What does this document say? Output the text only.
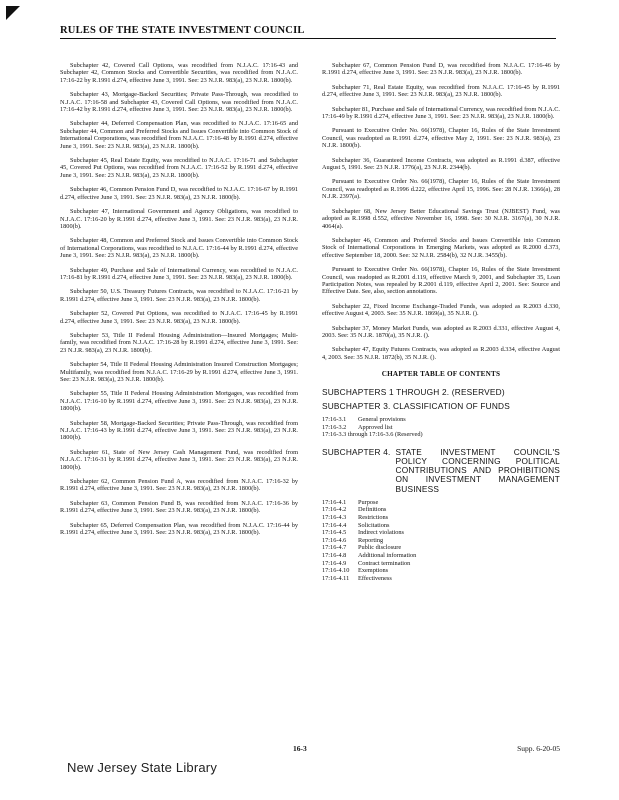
RULES OF THE STATE INVESTMENT COUNCIL

Subchapter 42, Covered Call Options, was recodified from N.J.A.C. 17:16-43 and Subchapter 42, Common Stocks and Convertible Securities, was recodified from N.J.A.C. 17:16-22 by R.1991 d.274, effective June 3, 1991. See: 23 N.J.R. 983(a), 23 N.J.R. 1800(b).

Subchapter 43, Mortgage-Backed Securities; Private Pass-Through, was recodified to N.J.A.C. 17:16-58 and Subchapter 43, Covered Call Options, was recodified from N.J.A.C. 17:16-42 by R.1991 d.274, effective June 3, 1991. See: 23 N.J.R. 983(a), 23 N.J.R. 1800(b).

Subchapter 44, Deferred Compensation Plan, was recodified to N.J.A.C. 17:16-65 and Subchapter 44, Common and Preferred Stocks and Issues Convertible into Common Stock of International Corporations, was recodified from N.J.A.C. 17:16-48 by R.1991 d.274, effective June 3, 1991. See: 23 N.J.R. 983(a), 23 N.J.R. 1800(b).

Subchapter 45, Real Estate Equity, was recodified to N.J.A.C. 17:16-71 and Subchapter 45, Covered Put Options, was recodified from N.J.A.C. 17:16-52 by R.1991 d.274, effective June 3, 1991. See: 23 N.J.R. 983(a), 23 N.J.R. 1800(b).

Subchapter 46, Common Pension Fund D, was recodified to N.J.A.C. 17:16-67 by R.1991 d.274, effective June 3, 1991. See: 23 N.J.R. 983(a), 23 N.J.R. 1800(b).

Subchapter 47, International Government and Agency Obligations, was recodified to N.J.A.C. 17:16-20 by R.1991 d.274, effective June 3, 1991. See: 23 N.J.R. 983(a), 23 N.J.R. 1800(b).

Subchapter 48, Common and Preferred Stock and Issues Convertible into Common Stock of International Corporations, was recodified to N.J.A.C. 17:16-44 by R.1991 d.274, effective June 3, 1991. See: 23 N.J.R. 983(a), 23 N.J.R. 1800(b).

Subchapter 49, Purchase and Sale of International Currency, was recodified to N.J.A.C. 17:16-81 by R.1991 d.274, effective June 3, 1991. See: 23 N.J.R. 983(a), 23 N.J.R. 1800(b).

Subchapter 50, U.S. Treasury Futures Contracts, was recodified to N.J.A.C. 17:16-21 by R.1991 d.274, effective June 3, 1991. See: 23 N.J.R. 983(a), 23 N.J.R. 1800(b).

Subchapter 52, Covered Put Options, was recodified to N.J.A.C. 17:16-45 by R.1991 d.274, effective June 3, 1991. See: 23 N.J.R. 983(a), 23 N.J.R. 1800(b).

Subchapter 53, Title II Federal Housing Administration—Insured Mortgages; Multi-family, was recodified from N.J.A.C. 17:16-28 by R.1991 d.274, effective June 3, 1991. See: 23 N.J.R. 983(a), 23 N.J.R. 1800(b).

Subchapter 54, Title II Federal Housing Administration Insured Construction Mortgages; Multifamily, was recodified from N.J.A.C. 17:16-29 by R.1991 d.274, effective June 3, 1991. See: 23 N.J.R. 983(a), 23 N.J.R. 1800(b).

Subchapter 55, Title II Federal Housing Administration Mortgages, was recodified from N.J.A.C. 17:16-10 by R.1991 d.274, effective June 3, 1991. See: 23 N.J.R. 983(a), 23 N.J.R. 1800(b).

Subchapter 58, Mortgage-Backed Securities; Private Pass-Through, was recodified from N.J.A.C. 17:16-43 by R.1991 d.274, effective June 3, 1991. See: 23 N.J.R. 983(a), 23 N.J.R. 1800(b).

Subchapter 61, State of New Jersey Cash Management Fund, was recodified from N.J.A.C. 17:16-31 by R.1991 d.274, effective June 3, 1991. See: 23 N.J.R. 983(a), 23 N.J.R. 1800(b).

Subchapter 62, Common Pension Fund A, was recodified from N.J.A.C. 17:16-32 by R.1991 d.274, effective June 3, 1991. See: 23 N.J.R. 983(a), 23 N.J.R. 1800(b).

Subchapter 63, Common Pension Fund B, was recodified from N.J.A.C. 17:16-36 by R.1991 d.274, effective June 3, 1991. See: 23 N.J.R. 983(a), 23 N.J.R. 1800(b).

Subchapter 65, Deferred Compensation Plan, was recodified from N.J.A.C. 17:16-44 by R.1991 d.274, effective June 3, 1991. See: 23 N.J.R. 983(a), 23 N.J.R. 1800(b).

Subchapter 67, Common Pension Fund D, was recodified from N.J.A.C. 17:16-46 by R.1991 d.274, effective June 3, 1991. See: 23 N.J.R. 983(a), 23 N.J.R. 1800(b).

Subchapter 71, Real Estate Equity, was recodified from N.J.A.C. 17:16-45 by R.1991 d.274, effective June 3, 1991. See: 23 N.J.R. 983(a), 23 N.J.R. 1800(b).

Subchapter 81, Purchase and Sale of International Currency, was recodified from N.J.A.C. 17:16-49 by R.1991 d.274, effective June 3, 1991. See: 23 N.J.R. 983(a), 23 N.J.R. 1800(b).

Pursuant to Executive Order No. 66(1978), Chapter 16, Rules of the State Investment Council, was readopted as R.1991 d.274, effective May 2, 1991. See: 23 N.J.R. 983(a), 23 N.J.R. 1800(b).

Subchapter 36, Guaranteed Income Contracts, was adopted as R.1991 d.387, effective August 5, 1991. See: 23 N.J.R. 1776(a), 23 N.J.R. 2344(b).

Pursuant to Executive Order No. 66(1978), Chapter 16, Rules of the State Investment Council, was readopted as R.1996 d.222, effective April 15, 1996. See: 28 N.J.R. 1366(a), 28 N.J.R. 2397(a).

Subchapter 68, New Jersey Better Educational Savings Trust (NJBEST) Fund, was adopted as R.1998 d.552, effective November 16, 1998. See: 30 N.J.R. 3167(a), 30 N.J.R. 4064(a).

Subchapter 46, Common and Preferred Stocks and Issues Convertible into Common Stock of International Corporations in Emerging Markets, was adopted as R.2000 d.373, effective September 18, 2000. See: 32 N.J.R. 2584(b), 32 N.J.R. 3455(b).

Pursuant to Executive Order No. 66(1978), Chapter 16, Rules of the State Investment Council, was readopted as R.2001 d.119, effective March 9, 2001, and Subchapter 35, Loan Participation Notes, was repealed by R.2001 d.119, effective April 2, 2001. See: Source and Effective Date. See, also, section annotations.

Subchapter 22, Fixed Income Exchange-Traded Funds, was adopted as R.2003 d.330, effective August 4, 2003. See: 35 N.J.R. 1869(a), 35 N.J.R. ().

Subchapter 37, Money Market Funds, was adopted as R.2003 d.331, effective August 4, 2003. See: 35 N.J.R. 1870(a), 35 N.J.R. ().

Subchapter 47, Equity Futures Contracts, was adopted as R.2003 d.334, effective August 4, 2003. See: 35 N.J.R. 1872(b), 35 N.J.R. ().

CHAPTER TABLE OF CONTENTS
SUBCHAPTERS 1 THROUGH 2. (RESERVED)
SUBCHAPTER 3. CLASSIFICATION OF FUNDS
17:16-3.1	General provisions
17:16-3.2	Approved list
17:16-3.3 through 17:16-3.6
(Reserved)
SUBCHAPTER 4. STATE INVESTMENT COUNCIL'S POLICY CONCERNING POLITICAL CONTRIBUTIONS AND PROHIBITIONS ON INVESTMENT MANAGEMENT BUSINESS
17:16-4.1	Purpose
17:16-4.2	Definitions
17:16-4.3	Restrictions
17:16-4.4	Solicitations
17:16-4.5	Indirect violations
17:16-4.6	Reporting
17:16-4.7	Public disclosure
17:16-4.8	Additional information
17:16-4.9	Contract termination
17:16-4.10	Exemptions
17:16-4.11	Effectiveness
16-3	Supp. 6-20-05
New Jersey State Library
